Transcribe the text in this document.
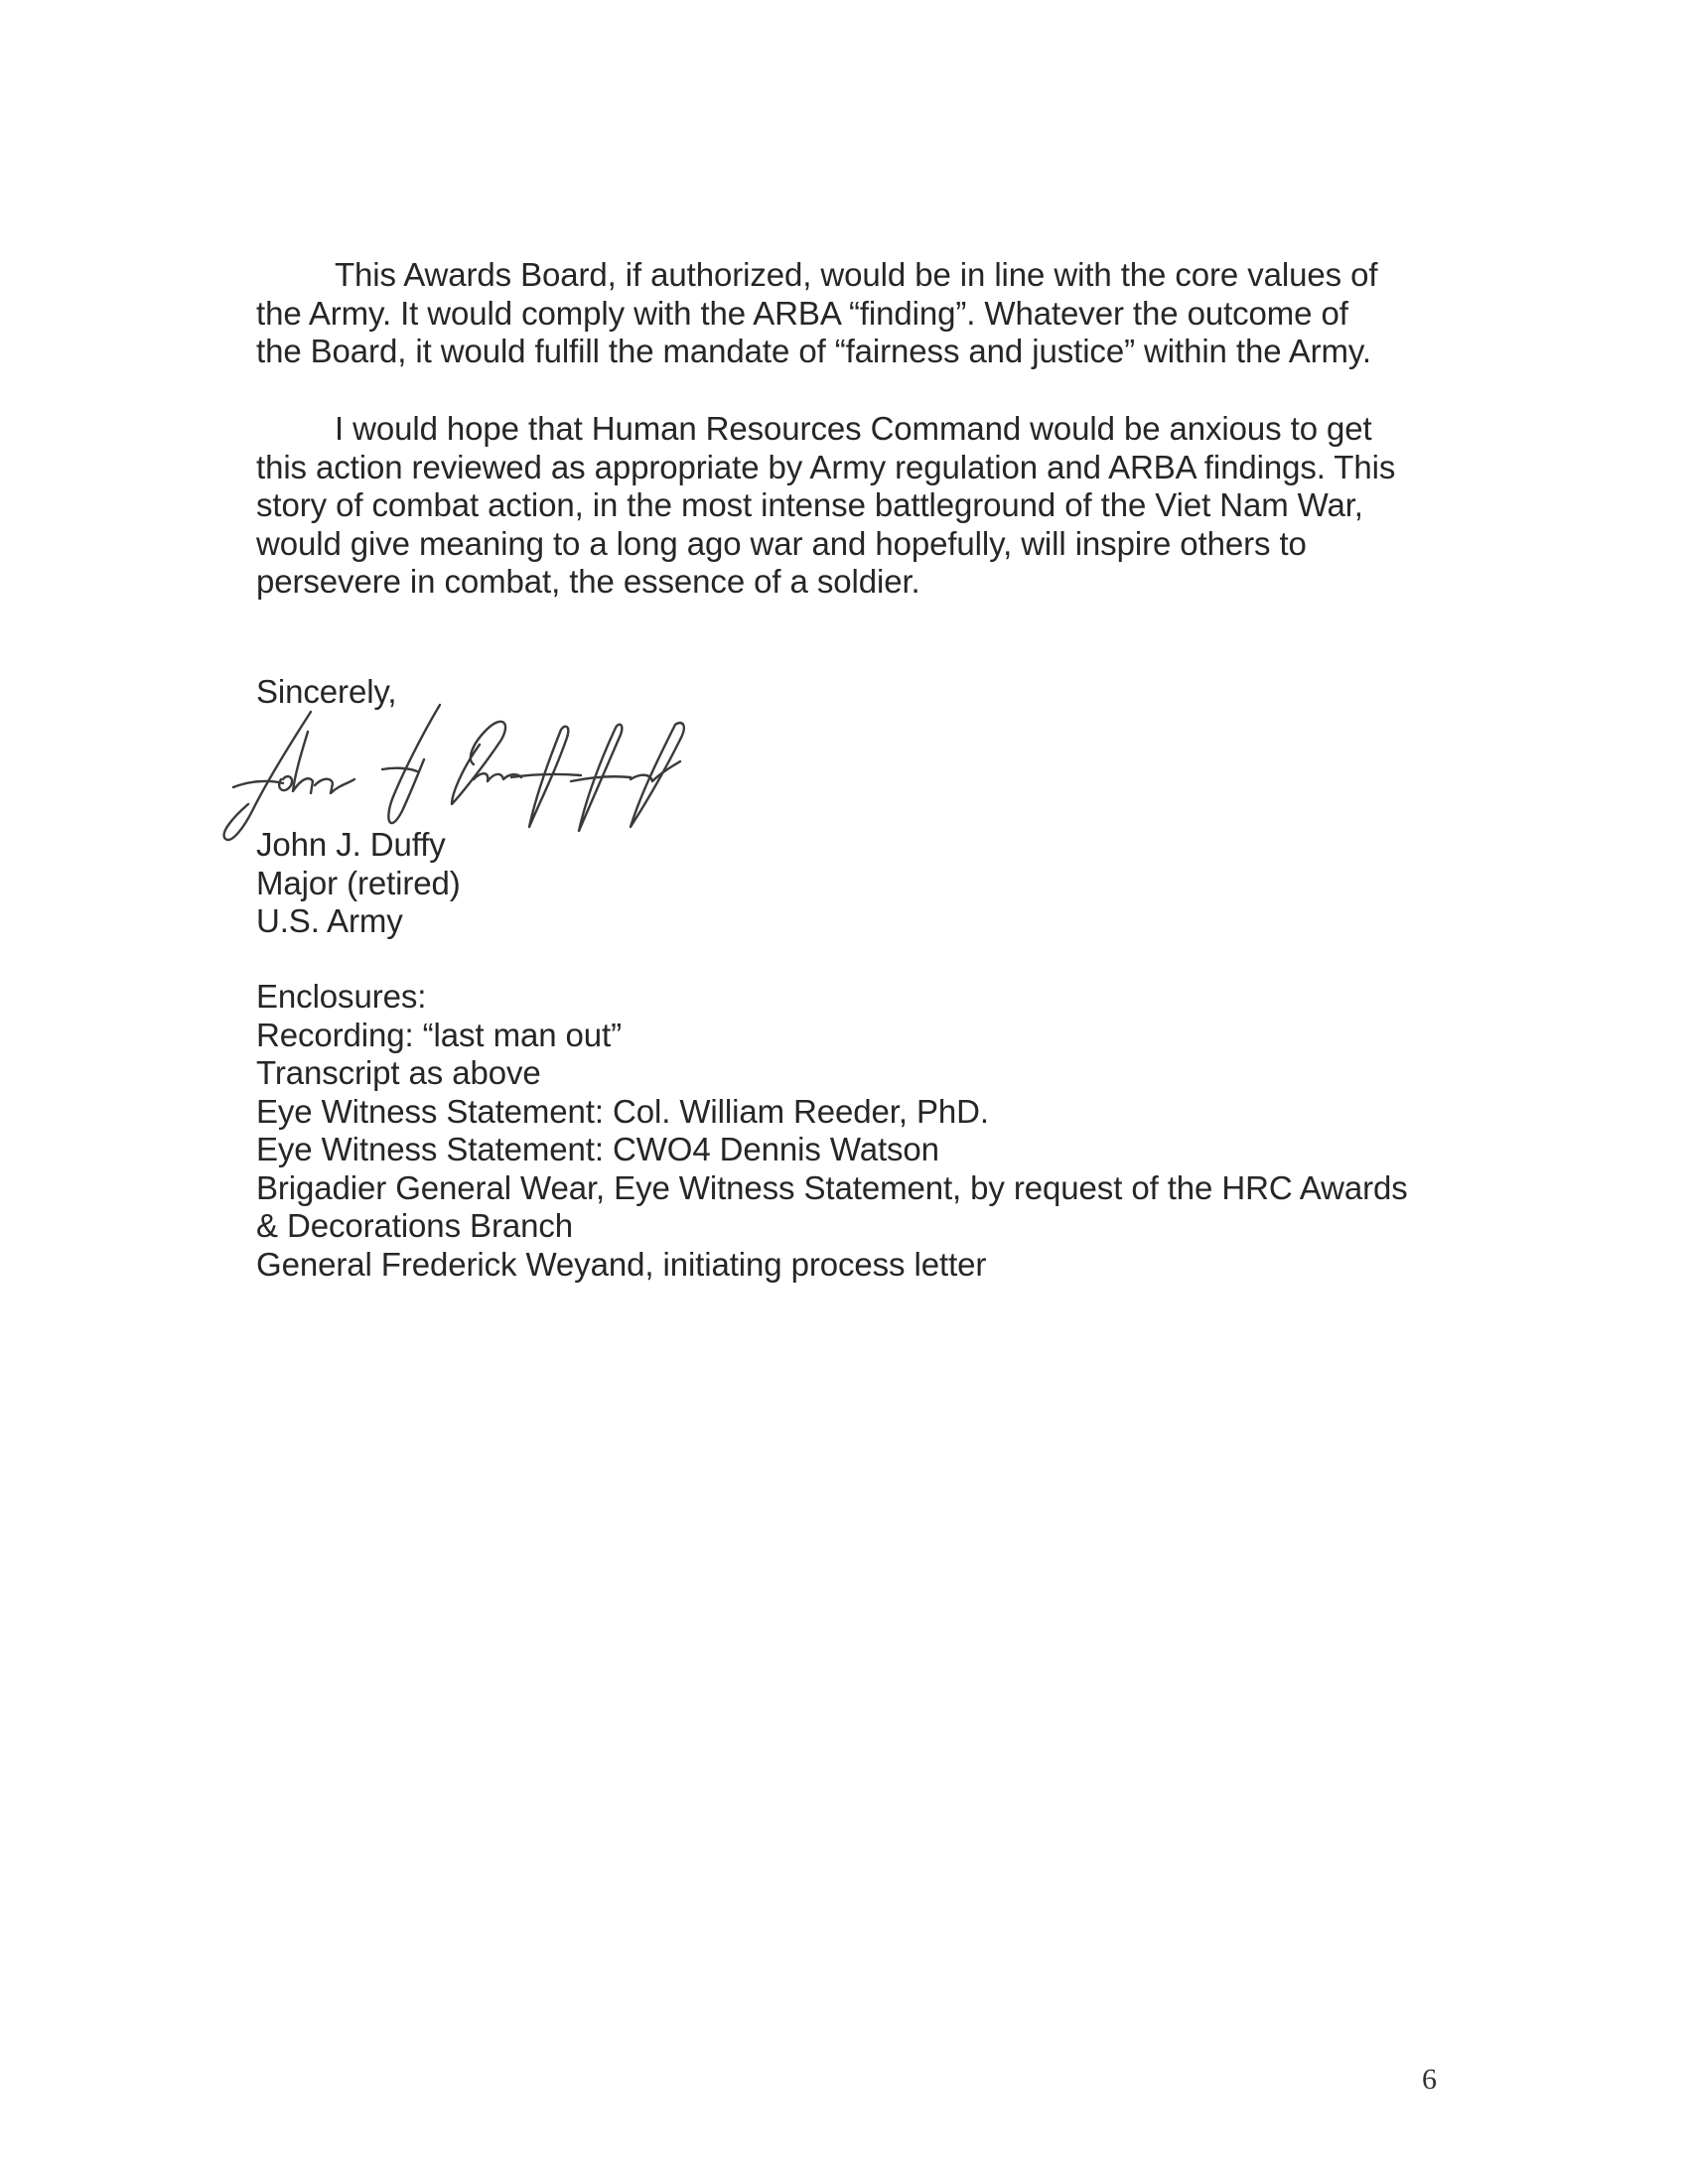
This Awards Board, if authorized, would be in line with the core values of
the Army. It would comply with the ARBA “finding”. Whatever the outcome of
the Board, it would fulfill the mandate of “fairness and justice” within the Army.
I would hope that Human Resources Command would be anxious to get
this action reviewed as appropriate by Army regulation and ARBA findings. This
story of combat action, in the most intense battleground of the Viet Nam War,
would give meaning to a long ago war and hopefully, will inspire others to
persevere in combat, the essence of a soldier.
Sincerely,
John J. Duffy
Major (retired)
U.S. Army
Enclosures:
Recording: “last man out”
Transcript as above
Eye Witness Statement: Col. William Reeder, PhD.
Eye Witness Statement: CWO4 Dennis Watson
Brigadier General Wear, Eye Witness Statement, by request of the HRC Awards
& Decorations Branch
General Frederick Weyand, initiating process letter
6
